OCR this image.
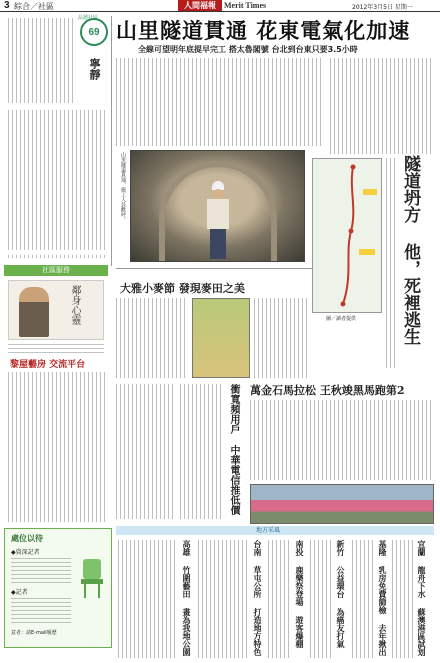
3 綜合／社區	人間福報	Merit Times	2012年3月5日 星期一
69
品德社區
寧靜
社區服務
鄰身心靈
黎屋藝房 交流平台
處位以待
◆資深記者
◆記者
意者：請E-mail履歷
山里隧道貫通 花東電氣化加速
全線可望明年底提早完工 搭太魯閣號 台北到台東只要3.5小時
山里隧道貫通，施工人員歡呼。
圖／讀者提供	隧道坍方 他，死裡逃生
大雅小麥節 發現麥田之美
萬金石馬拉松 王秋竣黑馬跑第2
衝寬頻用戶 中華電信推低價
地方采風
宜蘭 龍舟下水 蘇澳港區試划
基隆 乳房免費篩檢 去年揪出
新竹 公益環台 為癌友打氣
南投 鹿樂祭登場 遊客爆棚
台南 草屯公所 打造地方特色
高雄 竹圍藝田 畫為我地公園
